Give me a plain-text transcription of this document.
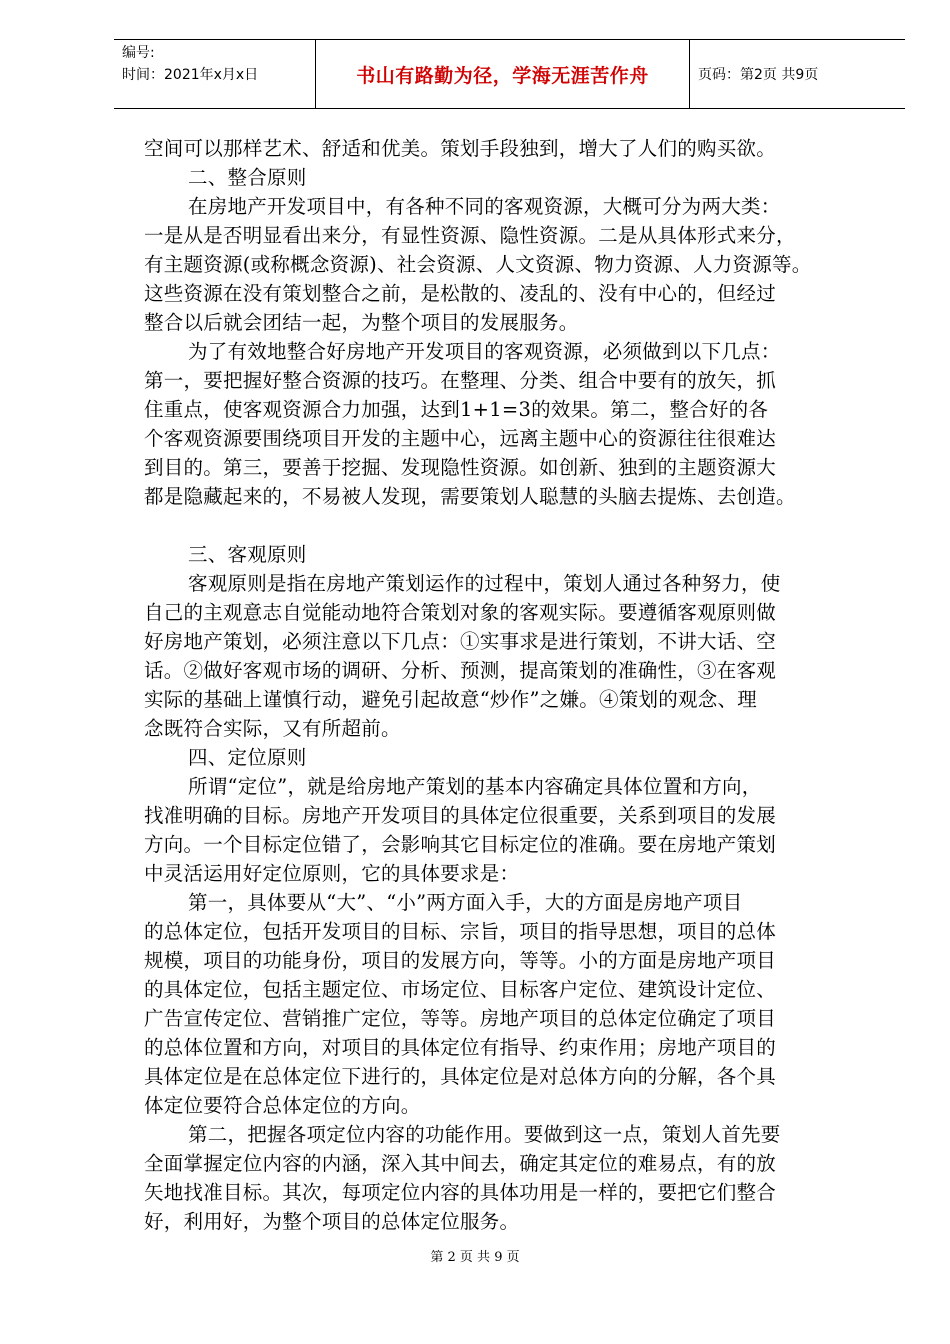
编号:
时间：2021年x月x日	书山有路勤为径，学海无涯苦作舟	页码：第2页 共9页
空间可以那样艺术、舒适和优美。策划手段独到，增大了人们的购买欲。
二、整合原则
在房地产开发项目中，有各种不同的客观资源，大概可分为两大类：
一是从是否明显看出来分，有显性资源、隐性资源。二是从具体形式来分，
有主题资源(或称概念资源)、社会资源、人文资源、物力资源、人力资源等。
这些资源在没有策划整合之前，是松散的、凌乱的、没有中心的，但经过
整合以后就会团结一起，为整个项目的发展服务。
为了有效地整合好房地产开发项目的客观资源，必须做到以下几点：
第一，要把握好整合资源的技巧。在整理、分类、组合中要有的放矢，抓
住重点，使客观资源合力加强，达到1+1=3的效果。第二，整合好的各
个客观资源要围绕项目开发的主题中心，远离主题中心的资源往往很难达
到目的。第三，要善于挖掘、发现隐性资源。如创新、独到的主题资源大
都是隐藏起来的，不易被人发现，需要策划人聪慧的头脑去提炼、去创造。
三、客观原则
客观原则是指在房地产策划运作的过程中，策划人通过各种努力，使
自己的主观意志自觉能动地符合策划对象的客观实际。要遵循客观原则做
好房地产策划，必须注意以下几点：①实事求是进行策划，不讲大话、空
话。②做好客观市场的调研、分析、预测，提高策划的准确性，③在客观
实际的基础上谨慎行动，避免引起故意“炒作”之嫌。④策划的观念、理
念既符合实际，又有所超前。
四、定位原则
所谓“定位”，就是给房地产策划的基本内容确定具体位置和方向，
找准明确的目标。房地产开发项目的具体定位很重要，关系到项目的发展
方向。一个目标定位错了，会影响其它目标定位的准确。要在房地产策划
中灵活运用好定位原则，它的具体要求是：
第一，具体要从“大”、“小”两方面入手，大的方面是房地产项目
的总体定位，包括开发项目的目标、宗旨，项目的指导思想，项目的总体
规模，项目的功能身份，项目的发展方向，等等。小的方面是房地产项目
的具体定位，包括主题定位、市场定位、目标客户定位、建筑设计定位、
广告宣传定位、营销推广定位，等等。房地产项目的总体定位确定了项目
的总体位置和方向，对项目的具体定位有指导、约束作用；房地产项目的
具体定位是在总体定位下进行的，具体定位是对总体方向的分解，各个具
体定位要符合总体定位的方向。
第二，把握各项定位内容的功能作用。要做到这一点，策划人首先要
全面掌握定位内容的内涵，深入其中间去，确定其定位的难易点，有的放
矢地找准目标。其次，每项定位内容的具体功用是一样的，要把它们整合
好，利用好，为整个项目的总体定位服务。
第 2 页 共 9 页
